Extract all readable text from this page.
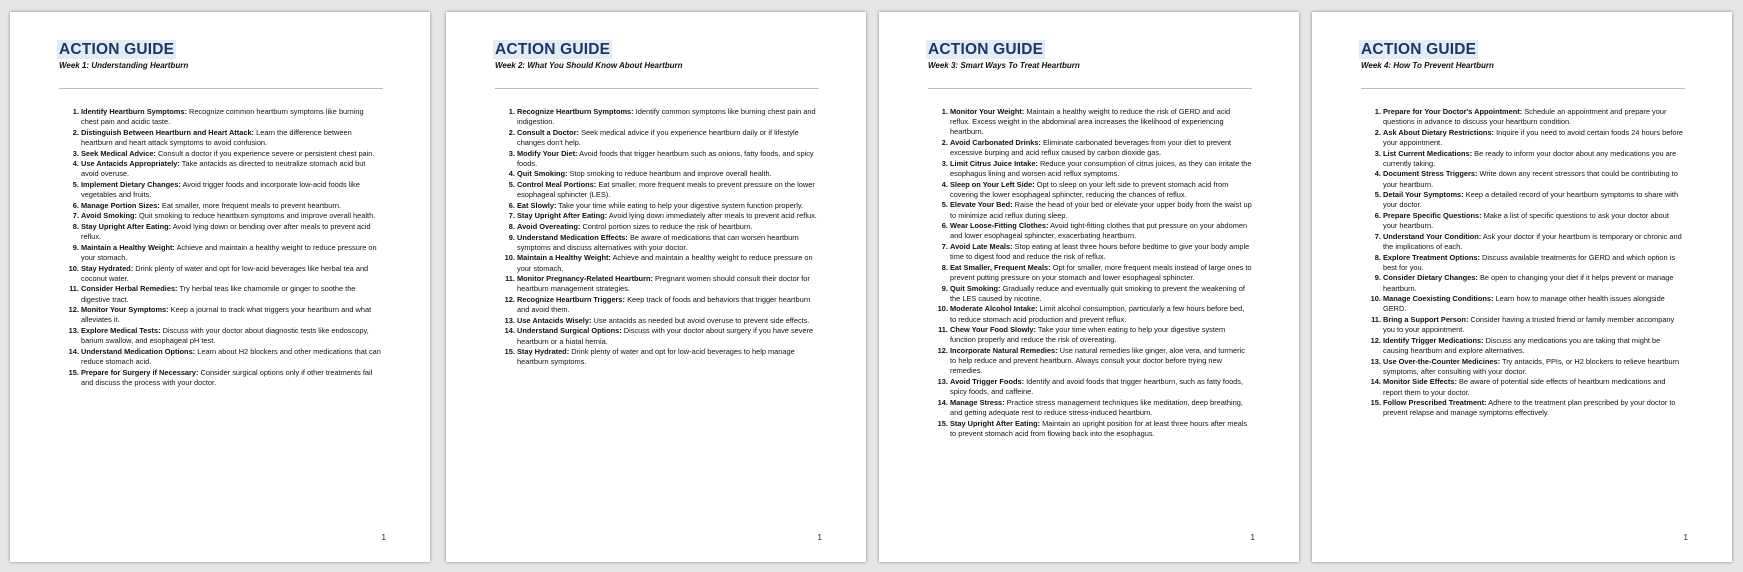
ACTION GUIDE
Week 1: Understanding Heartburn
1. Identify Heartburn Symptoms: Recognize common heartburn symptoms like burning chest pain and acidic taste.
2. Distinguish Between Heartburn and Heart Attack: Learn the difference between heartburn and heart attack symptoms to avoid confusion.
3. Seek Medical Advice: Consult a doctor if you experience severe or persistent chest pain.
4. Use Antacids Appropriately: Take antacids as directed to neutralize stomach acid but avoid overuse.
5. Implement Dietary Changes: Avoid trigger foods and incorporate low-acid foods like vegetables and fruits.
6. Manage Portion Sizes: Eat smaller, more frequent meals to prevent heartburn.
7. Avoid Smoking: Quit smoking to reduce heartburn symptoms and improve overall health.
8. Stay Upright After Eating: Avoid lying down or bending over after meals to prevent acid reflux.
9. Maintain a Healthy Weight: Achieve and maintain a healthy weight to reduce pressure on your stomach.
10. Stay Hydrated: Drink plenty of water and opt for low-acid beverages like herbal tea and coconut water.
11. Consider Herbal Remedies: Try herbal teas like chamomile or ginger to soothe the digestive tract.
12. Monitor Your Symptoms: Keep a journal to track what triggers your heartburn and what alleviates it.
13. Explore Medical Tests: Discuss with your doctor about diagnostic tests like endoscopy, barium swallow, and esophageal pH test.
14. Understand Medication Options: Learn about H2 blockers and other medications that can reduce stomach acid.
15. Prepare for Surgery if Necessary: Consider surgical options only if other treatments fail and discuss the process with your doctor.
1
ACTION GUIDE
Week 2: What You Should Know About Heartburn
1. Recognize Heartburn Symptoms: Identify common symptoms like burning chest pain and indigestion.
2. Consult a Doctor: Seek medical advice if you experience heartburn daily or if lifestyle changes don't help.
3. Modify Your Diet: Avoid foods that trigger heartburn such as onions, fatty foods, and spicy foods.
4. Quit Smoking: Stop smoking to reduce heartburn and improve overall health.
5. Control Meal Portions: Eat smaller, more frequent meals to prevent pressure on the lower esophageal sphincter (LES).
6. Eat Slowly: Take your time while eating to help your digestive system function properly.
7. Stay Upright After Eating: Avoid lying down immediately after meals to prevent acid reflux.
8. Avoid Overeating: Control portion sizes to reduce the risk of heartburn.
9. Understand Medication Effects: Be aware of medications that can worsen heartburn symptoms and discuss alternatives with your doctor.
10. Maintain a Healthy Weight: Achieve and maintain a healthy weight to reduce pressure on your stomach.
11. Monitor Pregnancy-Related Heartburn: Pregnant women should consult their doctor for heartburn management strategies.
12. Recognize Heartburn Triggers: Keep track of foods and behaviors that trigger heartburn and avoid them.
13. Use Antacids Wisely: Use antacids as needed but avoid overuse to prevent side effects.
14. Understand Surgical Options: Discuss with your doctor about surgery if you have severe heartburn or a hiatal hernia.
15. Stay Hydrated: Drink plenty of water and opt for low-acid beverages to help manage heartburn symptoms.
1
ACTION GUIDE
Week 3: Smart Ways To Treat Heartburn
1. Monitor Your Weight: Maintain a healthy weight to reduce the risk of GERD and acid reflux. Excess weight in the abdominal area increases the likelihood of experiencing heartburn.
2. Avoid Carbonated Drinks: Eliminate carbonated beverages from your diet to prevent excessive burping and acid reflux caused by carbon dioxide gas.
3. Limit Citrus Juice Intake: Reduce your consumption of citrus juices, as they can irritate the esophagus lining and worsen acid reflux symptoms.
4. Sleep on Your Left Side: Opt to sleep on your left side to prevent stomach acid from covering the lower esophageal sphincter, reducing the chances of reflux.
5. Elevate Your Bed: Raise the head of your bed or elevate your upper body from the waist up to minimize acid reflux during sleep.
6. Wear Loose-Fitting Clothes: Avoid tight-fitting clothes that put pressure on your abdomen and lower esophageal sphincter, exacerbating heartburn.
7. Avoid Late Meals: Stop eating at least three hours before bedtime to give your body ample time to digest food and reduce the risk of reflux.
8. Eat Smaller, Frequent Meals: Opt for smaller, more frequent meals instead of large ones to prevent putting pressure on your stomach and lower esophageal sphincter.
9. Quit Smoking: Gradually reduce and eventually quit smoking to prevent the weakening of the LES caused by nicotine.
10. Moderate Alcohol Intake: Limit alcohol consumption, particularly a few hours before bed, to reduce stomach acid production and prevent reflux.
11. Chew Your Food Slowly: Take your time when eating to help your digestive system function properly and reduce the risk of overeating.
12. Incorporate Natural Remedies: Use natural remedies like ginger, aloe vera, and turmeric to help reduce and prevent heartburn. Always consult your doctor before trying new remedies.
13. Avoid Trigger Foods: Identify and avoid foods that trigger heartburn, such as fatty foods, spicy foods, and caffeine.
14. Manage Stress: Practice stress management techniques like meditation, deep breathing, and getting adequate rest to reduce stress-induced heartburn.
15. Stay Upright After Eating: Maintain an upright position for at least three hours after meals to prevent stomach acid from flowing back into the esophagus.
1
ACTION GUIDE
Week 4: How To Prevent Heartburn
1. Prepare for Your Doctor's Appointment: Schedule an appointment and prepare your questions in advance to discuss your heartburn condition.
2. Ask About Dietary Restrictions: Inquire if you need to avoid certain foods 24 hours before your appointment.
3. List Current Medications: Be ready to inform your doctor about any medications you are currently taking.
4. Document Stress Triggers: Write down any recent stressors that could be contributing to your heartburn.
5. Detail Your Symptoms: Keep a detailed record of your heartburn symptoms to share with your doctor.
6. Prepare Specific Questions: Make a list of specific questions to ask your doctor about your heartburn.
7. Understand Your Condition: Ask your doctor if your heartburn is temporary or chronic and the implications of each.
8. Explore Treatment Options: Discuss available treatments for GERD and which option is best for you.
9. Consider Dietary Changes: Be open to changing your diet if it helps prevent or manage heartburn.
10. Manage Coexisting Conditions: Learn how to manage other health issues alongside GERD.
11. Bring a Support Person: Consider having a trusted friend or family member accompany you to your appointment.
12. Identify Trigger Medications: Discuss any medications you are taking that might be causing heartburn and explore alternatives.
13. Use Over-the-Counter Medicines: Try antacids, PPIs, or H2 blockers to relieve heartburn symptoms, after consulting with your doctor.
14. Monitor Side Effects: Be aware of potential side effects of heartburn medications and report them to your doctor.
15. Follow Prescribed Treatment: Adhere to the treatment plan prescribed by your doctor to prevent relapse and manage symptoms effectively.
1
